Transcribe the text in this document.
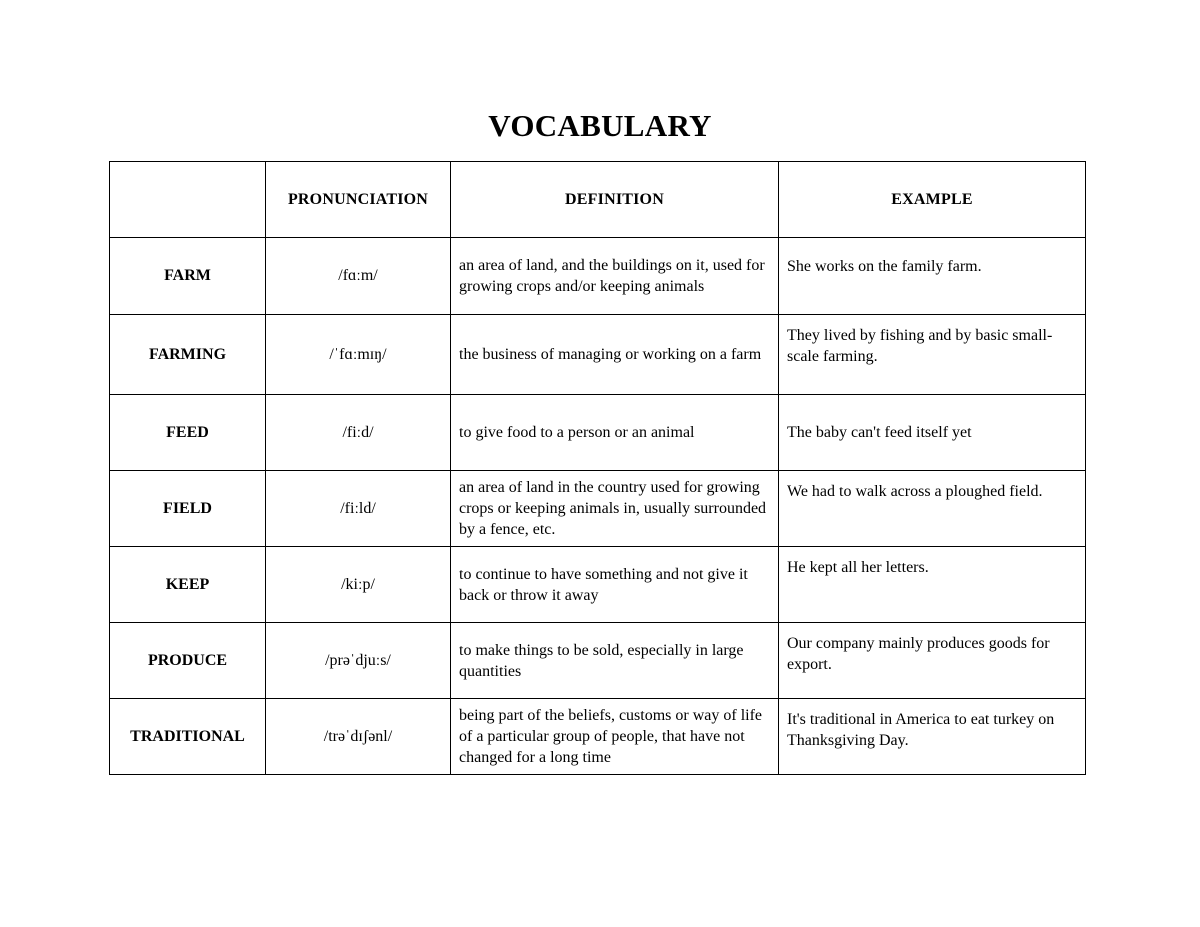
VOCABULARY
	PRONUNCIATION	DEFINITION	EXAMPLE
FARM	/fɑːm/	an area of land, and the buildings on it, used for growing crops and/or keeping animals	She works on the family farm.

FARMING	/ˈfɑːmɪŋ/	the business of managing or working on a farm	They lived by fishing and by basic small-scale farming.

FEED	/fiːd/	to give food to a person or an animal	The baby can't feed itself yet

FIELD	/fiːld/	an area of land in the country used for growing crops or keeping animals in, usually surrounded by a fence, etc.	We had to walk across a ploughed field.

KEEP	/kiːp/	to continue to have something and not give it back or throw it away	He kept all her letters.

PRODUCE	/prəˈdjuːs/	to make things to be sold, especially in large quantities	Our company mainly produces goods for export.

TRADITIONAL	/trəˈdɪʃənl/	being part of the beliefs, customs or way of life of a particular group of people, that have not changed for a long time	It's traditional in America to eat turkey on Thanksgiving Day.
